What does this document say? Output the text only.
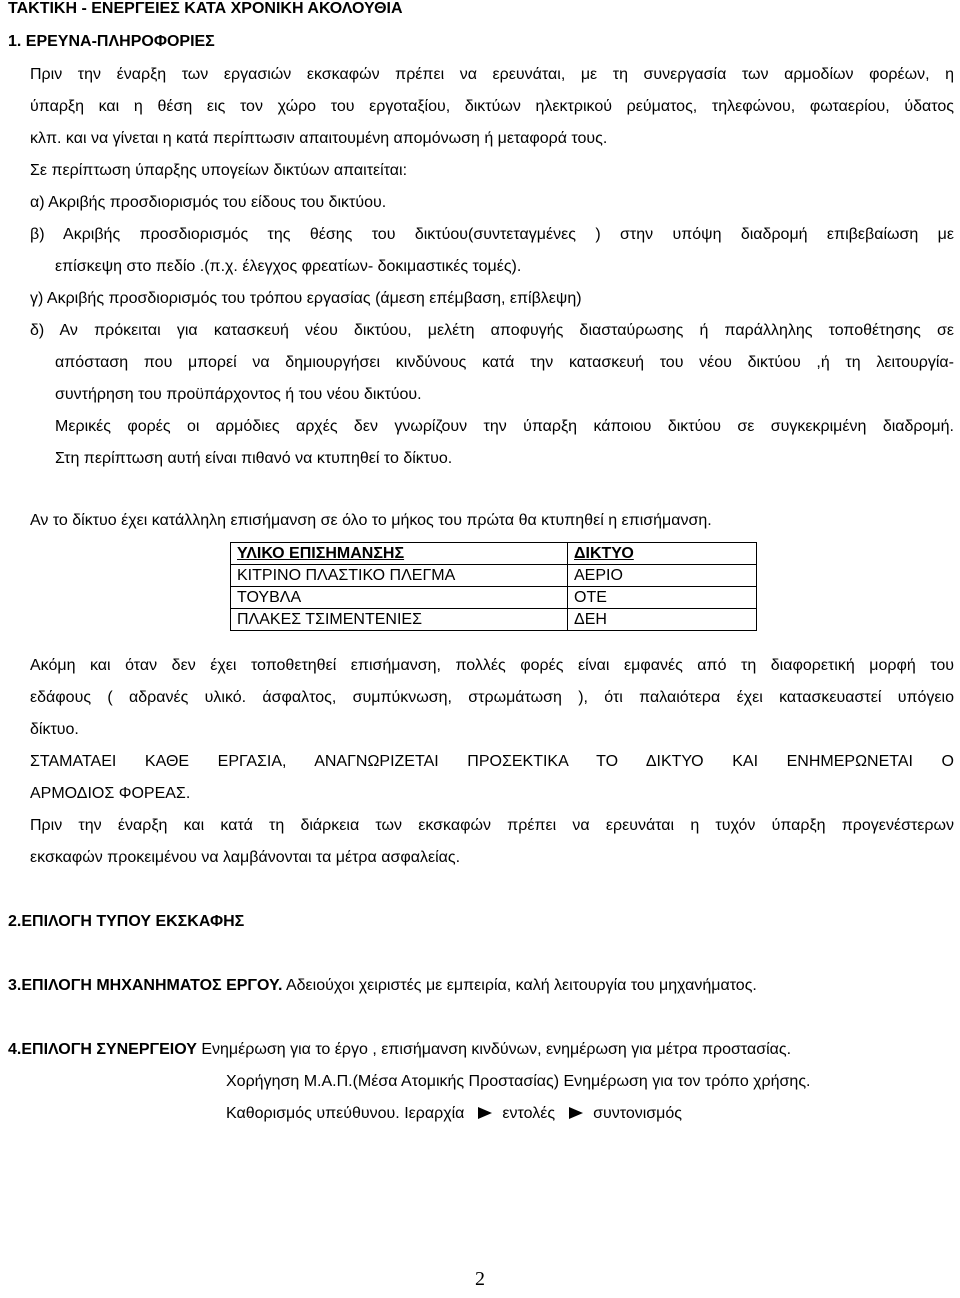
ΤΑΚΤΙΚΗ - ΕΝΕΡΓΕΙΕΣ ΚΑΤΑ ΧΡΟΝΙΚΗ ΑΚΟΛΟΥΘΙΑ
1. ΕΡΕΥΝΑ-ΠΛΗΡΟΦΟΡΙΕΣ
Πριν την έναρξη των εργασιών εκσκαφών πρέπει να ερευνάται, με τη συνεργασία των αρμοδίων φορέων, η
ύπαρξη και η θέση εις τον χώρο του εργοταξίου, δικτύων ηλεκτρικού ρεύματος, τηλεφώνου, φωταερίου, ύδατος
κλπ. και να γίνεται η κατά περίπτωσιν απαιτουμένη απομόνωση ή μεταφορά τους.
Σε περίπτωση ύπαρξης υπογείων δικτύων απαιτείται:
α) Ακριβής προσδιορισμός του είδους του δικτύου.
β) Ακριβής προσδιορισμός της θέσης του δικτύου(συντεταγμένες ) στην υπόψη διαδρομή επιβεβαίωση με
επίσκεψη στο πεδίο .(π.χ. έλεγχος φρεατίων- δοκιμαστικές τομές).
γ) Ακριβής προσδιορισμός του τρόπου εργασίας (άμεση επέμβαση, επίβλεψη)
δ) Αν πρόκειται για κατασκευή νέου δικτύου, μελέτη αποφυγής διασταύρωσης ή παράλληλης τοποθέτησης σε
απόσταση που μπορεί να δημιουργήσει κινδύνους κατά την κατασκευή του νέου δικτύου ,ή τη λειτουργία-
συντήρηση του προϋπάρχοντος ή του νέου δικτύου.
Μερικές φορές οι αρμόδιες αρχές δεν γνωρίζουν την ύπαρξη κάποιου δικτύου σε συγκεκριμένη διαδρομή.
Στη περίπτωση αυτή είναι πιθανό να κτυπηθεί το δίκτυο.
Αν το δίκτυο έχει κατάλληλη επισήμανση σε όλο το μήκος του πρώτα θα κτυπηθεί η επισήμανση.
ΥΛΙΚΟ ΕΠΙΣΗΜΑΝΣΗΣ	ΔΙΚΤΥΟ
ΚΙΤΡΙΝΟ ΠΛΑΣΤΙΚΟ ΠΛΕΓΜΑ	ΑΕΡΙΟ
ΤΟΥΒΛΑ	ΟΤΕ
ΠΛΑΚΕΣ ΤΣΙΜΕΝΤΕΝΙΕΣ	ΔΕΗ
Ακόμη και όταν δεν έχει τοποθετηθεί επισήμανση, πολλές φορές είναι εμφανές από τη διαφορετική μορφή του
εδάφους ( αδρανές υλικό. άσφαλτος, συμπύκνωση, στρωμάτωση ), ότι παλαιότερα έχει κατασκευαστεί υπόγειο
δίκτυο.
ΣΤΑΜΑΤΑΕΙ ΚΑΘΕ ΕΡΓΑΣΙΑ, ΑΝΑΓΝΩΡΙΖΕΤΑΙ ΠΡΟΣΕΚΤΙΚΑ ΤΟ ΔΙΚΤΥΟ ΚΑΙ ΕΝΗΜΕΡΩΝΕΤΑΙ Ο
ΑΡΜΟΔΙΟΣ ΦΟΡΕΑΣ.
Πριν την έναρξη και κατά τη διάρκεια των εκσκαφών πρέπει να ερευνάται η τυχόν ύπαρξη προγενέστερων
εκσκαφών προκειμένου να λαμβάνονται τα μέτρα ασφαλείας.
2.ΕΠΙΛΟΓΗ ΤΥΠΟΥ ΕΚΣΚΑΦΗΣ
3.ΕΠΙΛΟΓΗ ΜΗΧΑΝΗΜΑΤΟΣ ΕΡΓΟΥ. Αδειούχοι χειριστές με εμπειρία, καλή λειτουργία του μηχανήματος.
4.ΕΠΙΛΟΓΗ ΣΥΝΕΡΓΕΙΟΥ Ενημέρωση για το έργο , επισήμανση κινδύνων, ενημέρωση για μέτρα προστασίας.
Χορήγηση Μ.Α.Π.(Μέσα Ατομικής Προστασίας) Ενημέρωση για τον τρόπο χρήσης.
Καθορισμός υπεύθυνου. Ιεραρχία εντολές συντονισμός
2
